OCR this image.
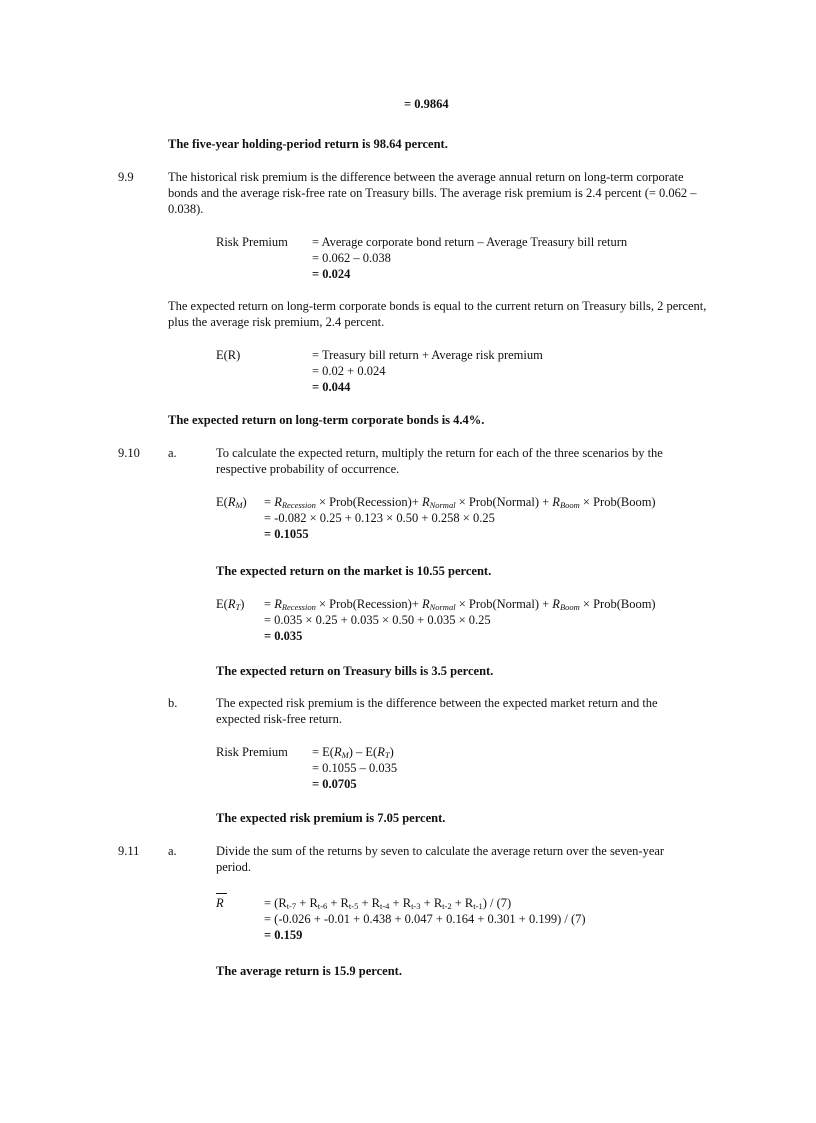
= 0.9864
The five-year holding-period return is 98.64 percent.
9.9	The historical risk premium is the difference between the average annual return on long-term corporate bonds and the average risk-free rate on Treasury bills. The average risk premium is 2.4 percent (= 0.062 – 0.038).
Risk Premium = Average corporate bond return – Average Treasury bill return
= 0.062 – 0.038
= 0.024
The expected return on long-term corporate bonds is equal to the current return on Treasury bills, 2 percent, plus the average risk premium, 2.4 percent.
E(R)	= Treasury bill return + Average risk premium
= 0.02 + 0.024
= 0.044
The expected return on long-term corporate bonds is 4.4%.
9.10 a.	To calculate the expected return, multiply the return for each of the three scenarios by the respective probability of occurrence.
$E(R_M) = R_{Recession}$ × Prob(Recession)+ $R_{Normal}$ × Prob(Normal) + $R_{Boom}$ × Prob(Boom)
= -0.082 × 0.25 + 0.123 × 0.50 + 0.258 × 0.25
= 0.1055
The expected return on the market is 10.55 percent.
$E(R_T) = R_{Recession}$ × Prob(Recession)+ $R_{Normal}$ × Prob(Normal) + $R_{Boom}$ × Prob(Boom)
= 0.035 × 0.25 + 0.035 × 0.50 + 0.035 × 0.25
= 0.035
The expected return on Treasury bills is 3.5 percent.
b.	The expected risk premium is the difference between the expected market return and the expected risk-free return.
Risk Premium = $E(R_M) - E(R_T)$
= 0.1055 – 0.035
= 0.0705
The expected risk premium is 7.05 percent.
9.11 a.	Divide the sum of the returns by seven to calculate the average return over the seven-year period.
R	= $(R_{t-7} + R_{t-6} + R_{t-5} + R_{t-4} + R_{t-3} + R_{t-2} + R_{t-1}) / (7)$
= (-0.026 + -0.01 + 0.438 + 0.047 + 0.164 + 0.301 + 0.199) / (7)
= 0.159
The average return is 15.9 percent.
